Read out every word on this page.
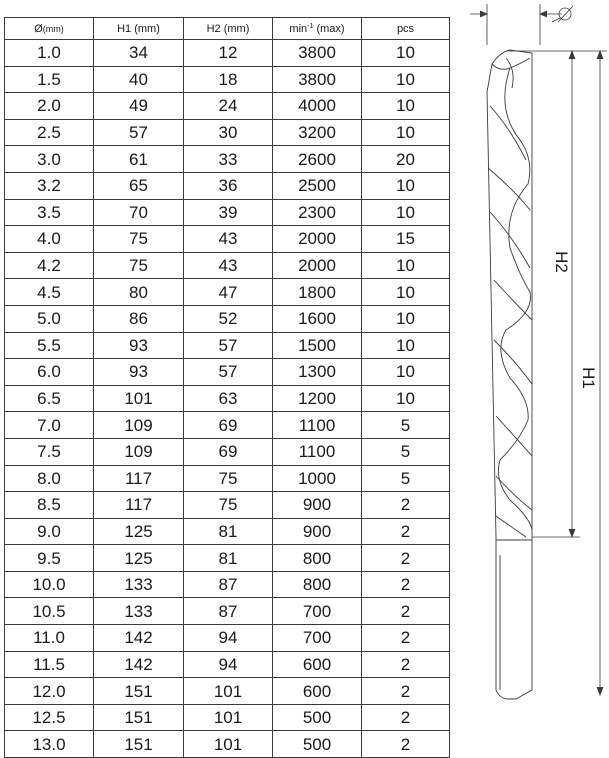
Ø(mm)	H1 (mm)	H2 (mm)	$\min^{-1} (\max)$	pcs
1.0	34	12	3800	10
1.5	40	18	3800	10
2.0	49	24	4000	10
2.5	57	30	3200	10
3.0	61	33	2600	20
3.2	65	36	2500	10
3.5	70	39	2300	10
4.0	75	43	2000	15
4.2	75	43	2000	10
4.5	80	47	1800	10
5.0	86	52	1600	10
5.5	93	57	1500	10
6.0	93	57	1300	10
6.5	101	63	1200	10
7.0	109	69	1100	5
7.5	109	69	1100	5
8.0	117	75	1000	5
8.5	117	75	900	2
9.0	125	81	900	2
9.5	125	81	800	2
10.0	133	87	800	2
10.5	133	87	700	2
11.0	142	94	700	2
11.5	142	94	600	2
12.0	151	101	600	2
12.5	151	101	500	2
13.0	151	101	500	2
H1
H2
